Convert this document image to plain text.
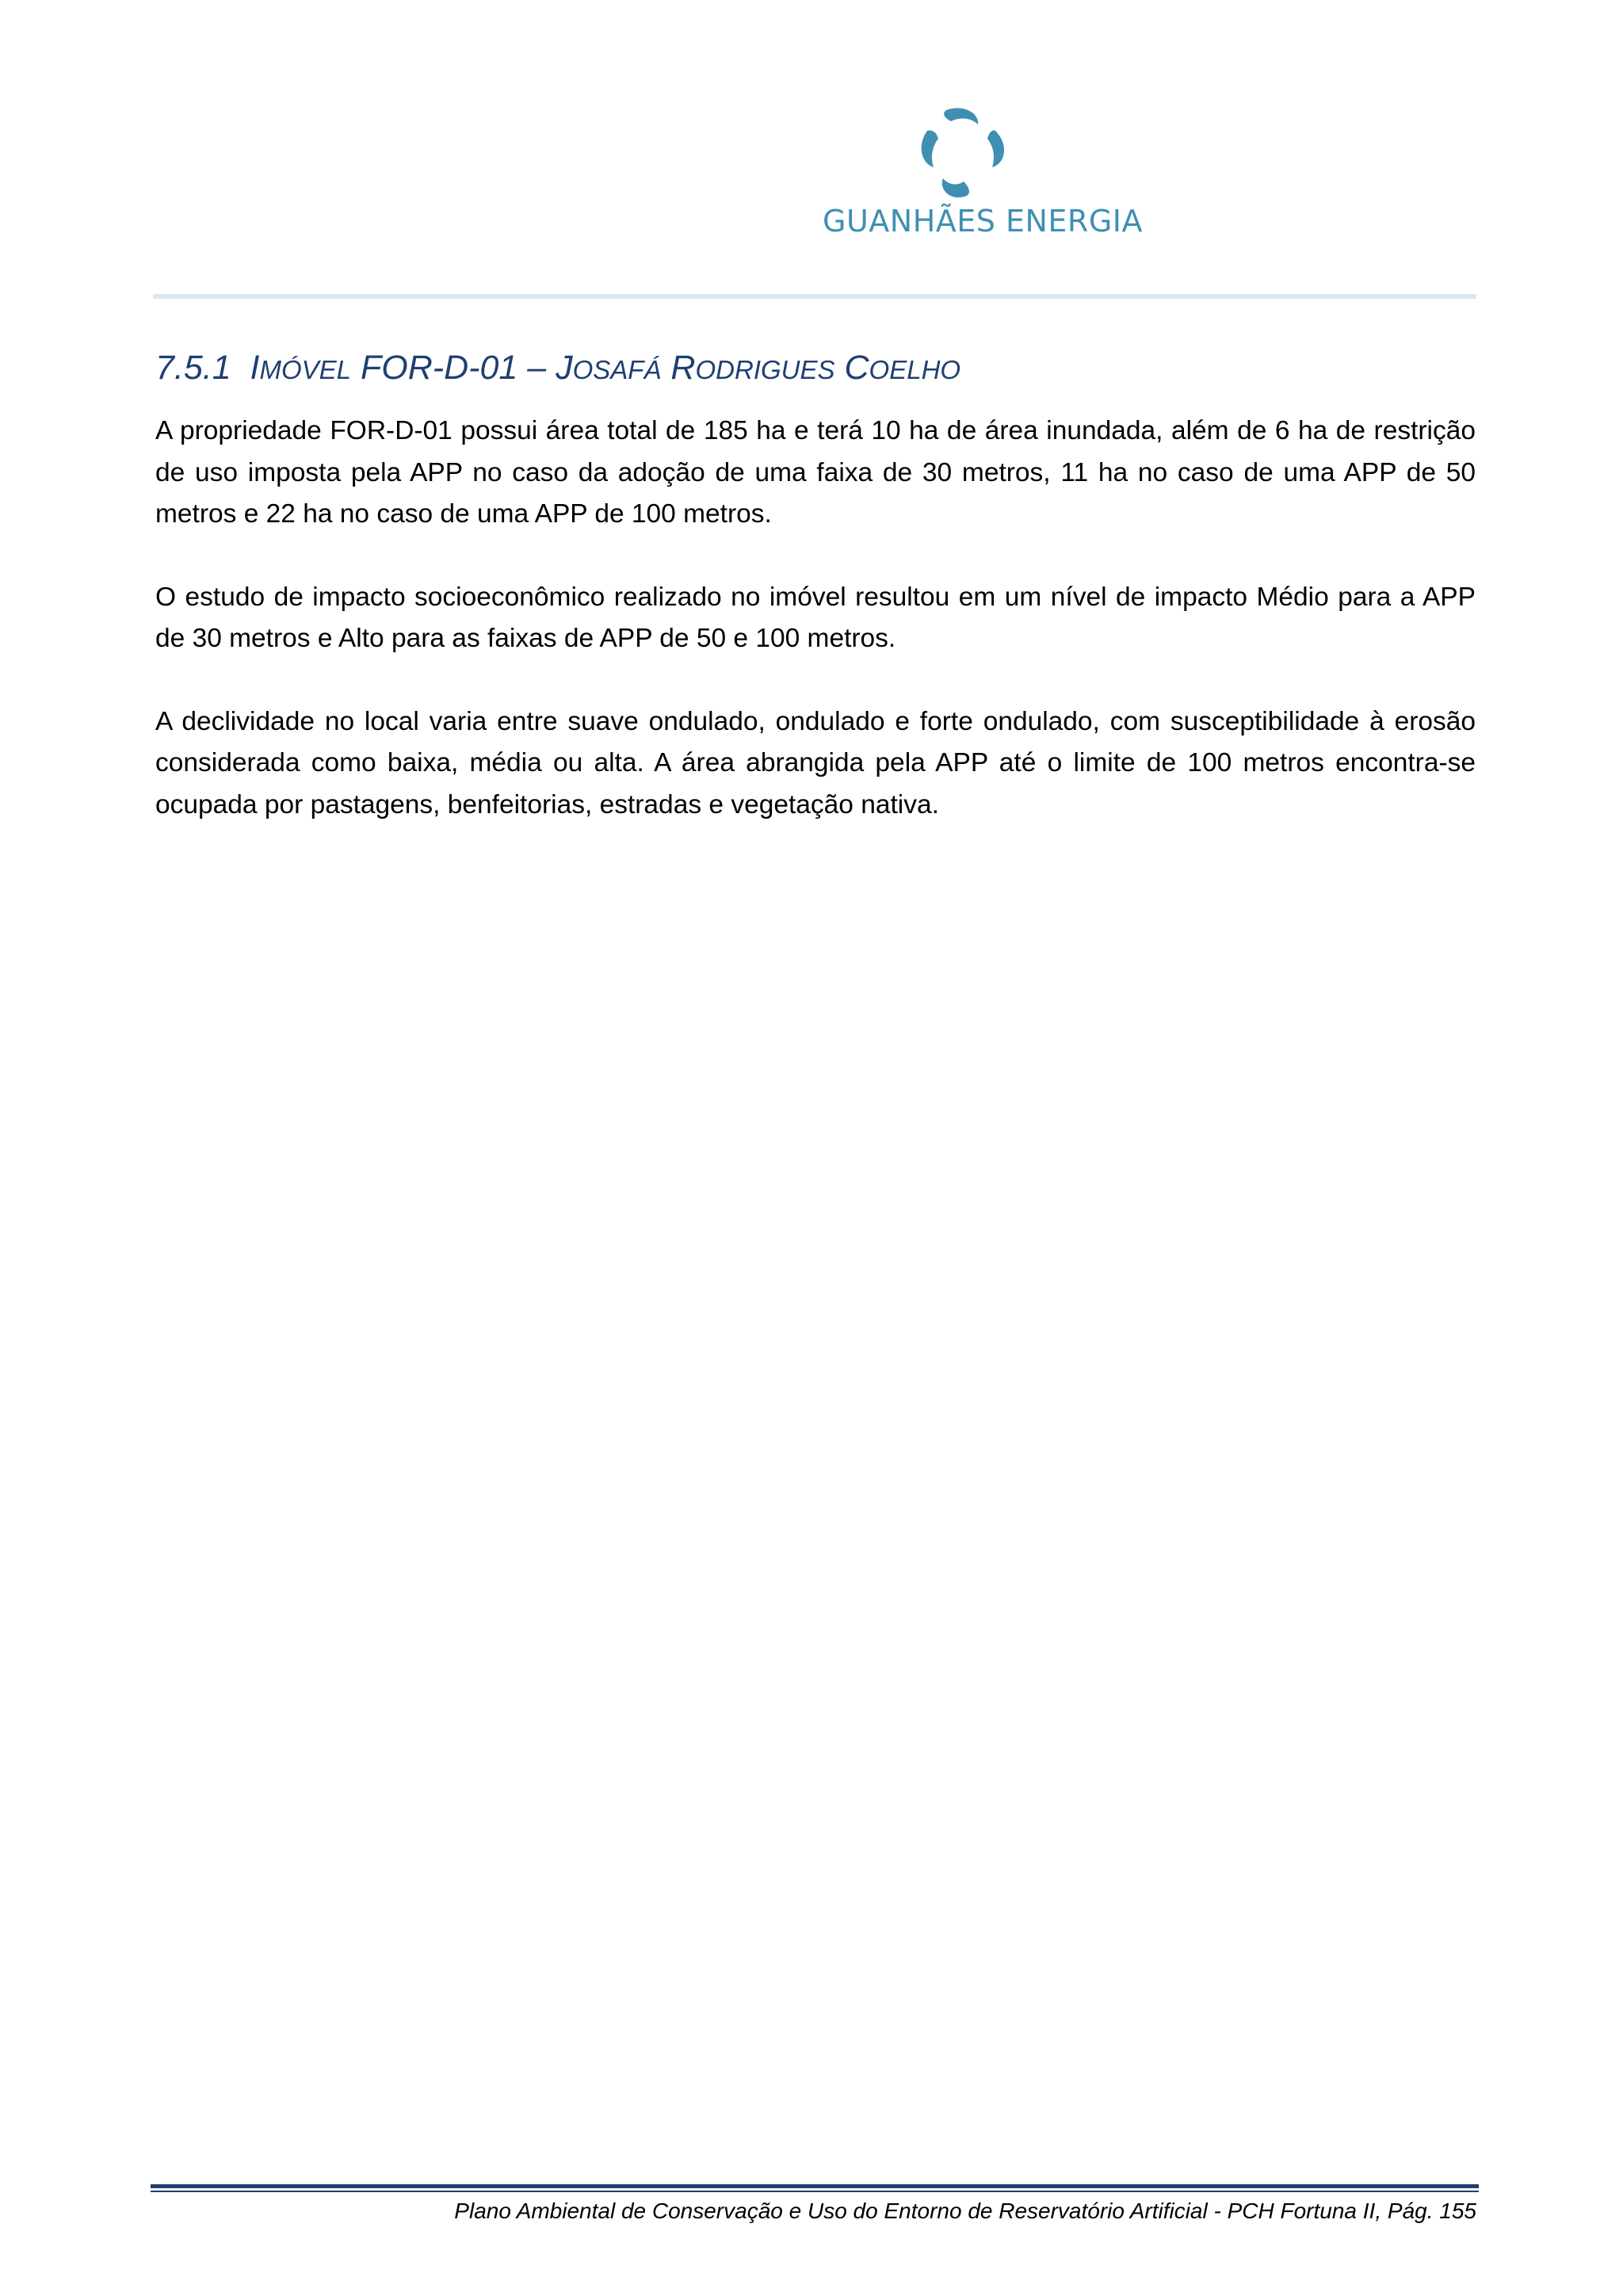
GUANHÃES ENERGIA
7.5.1 IMÓVEL FOR-D-01 – JOSAFÁ RODRIGUES COELHO

A propriedade FOR-D-01 possui área total de 185 ha e terá 10 ha de área inundada, além de 6 ha de restrição de uso imposta pela APP no caso da adoção de uma faixa de 30 metros, 11 ha no caso de uma APP de 50 metros e 22 ha no caso de uma APP de 100 metros.

O estudo de impacto socioeconômico realizado no imóvel resultou em um nível de impacto Médio para a APP de 30 metros e Alto para as faixas de APP de 50 e 100 metros.

A declividade no local varia entre suave ondulado, ondulado e forte ondulado, com susceptibilidade à erosão considerada como baixa, média ou alta. A área abrangida pela APP até o limite de 100 metros encontra-se ocupada por pastagens, benfeitorias, estradas e vegetação nativa.

Plano Ambiental de Conservação e Uso do Entorno de Reservatório Artificial - PCH Fortuna II, Pág. 155
